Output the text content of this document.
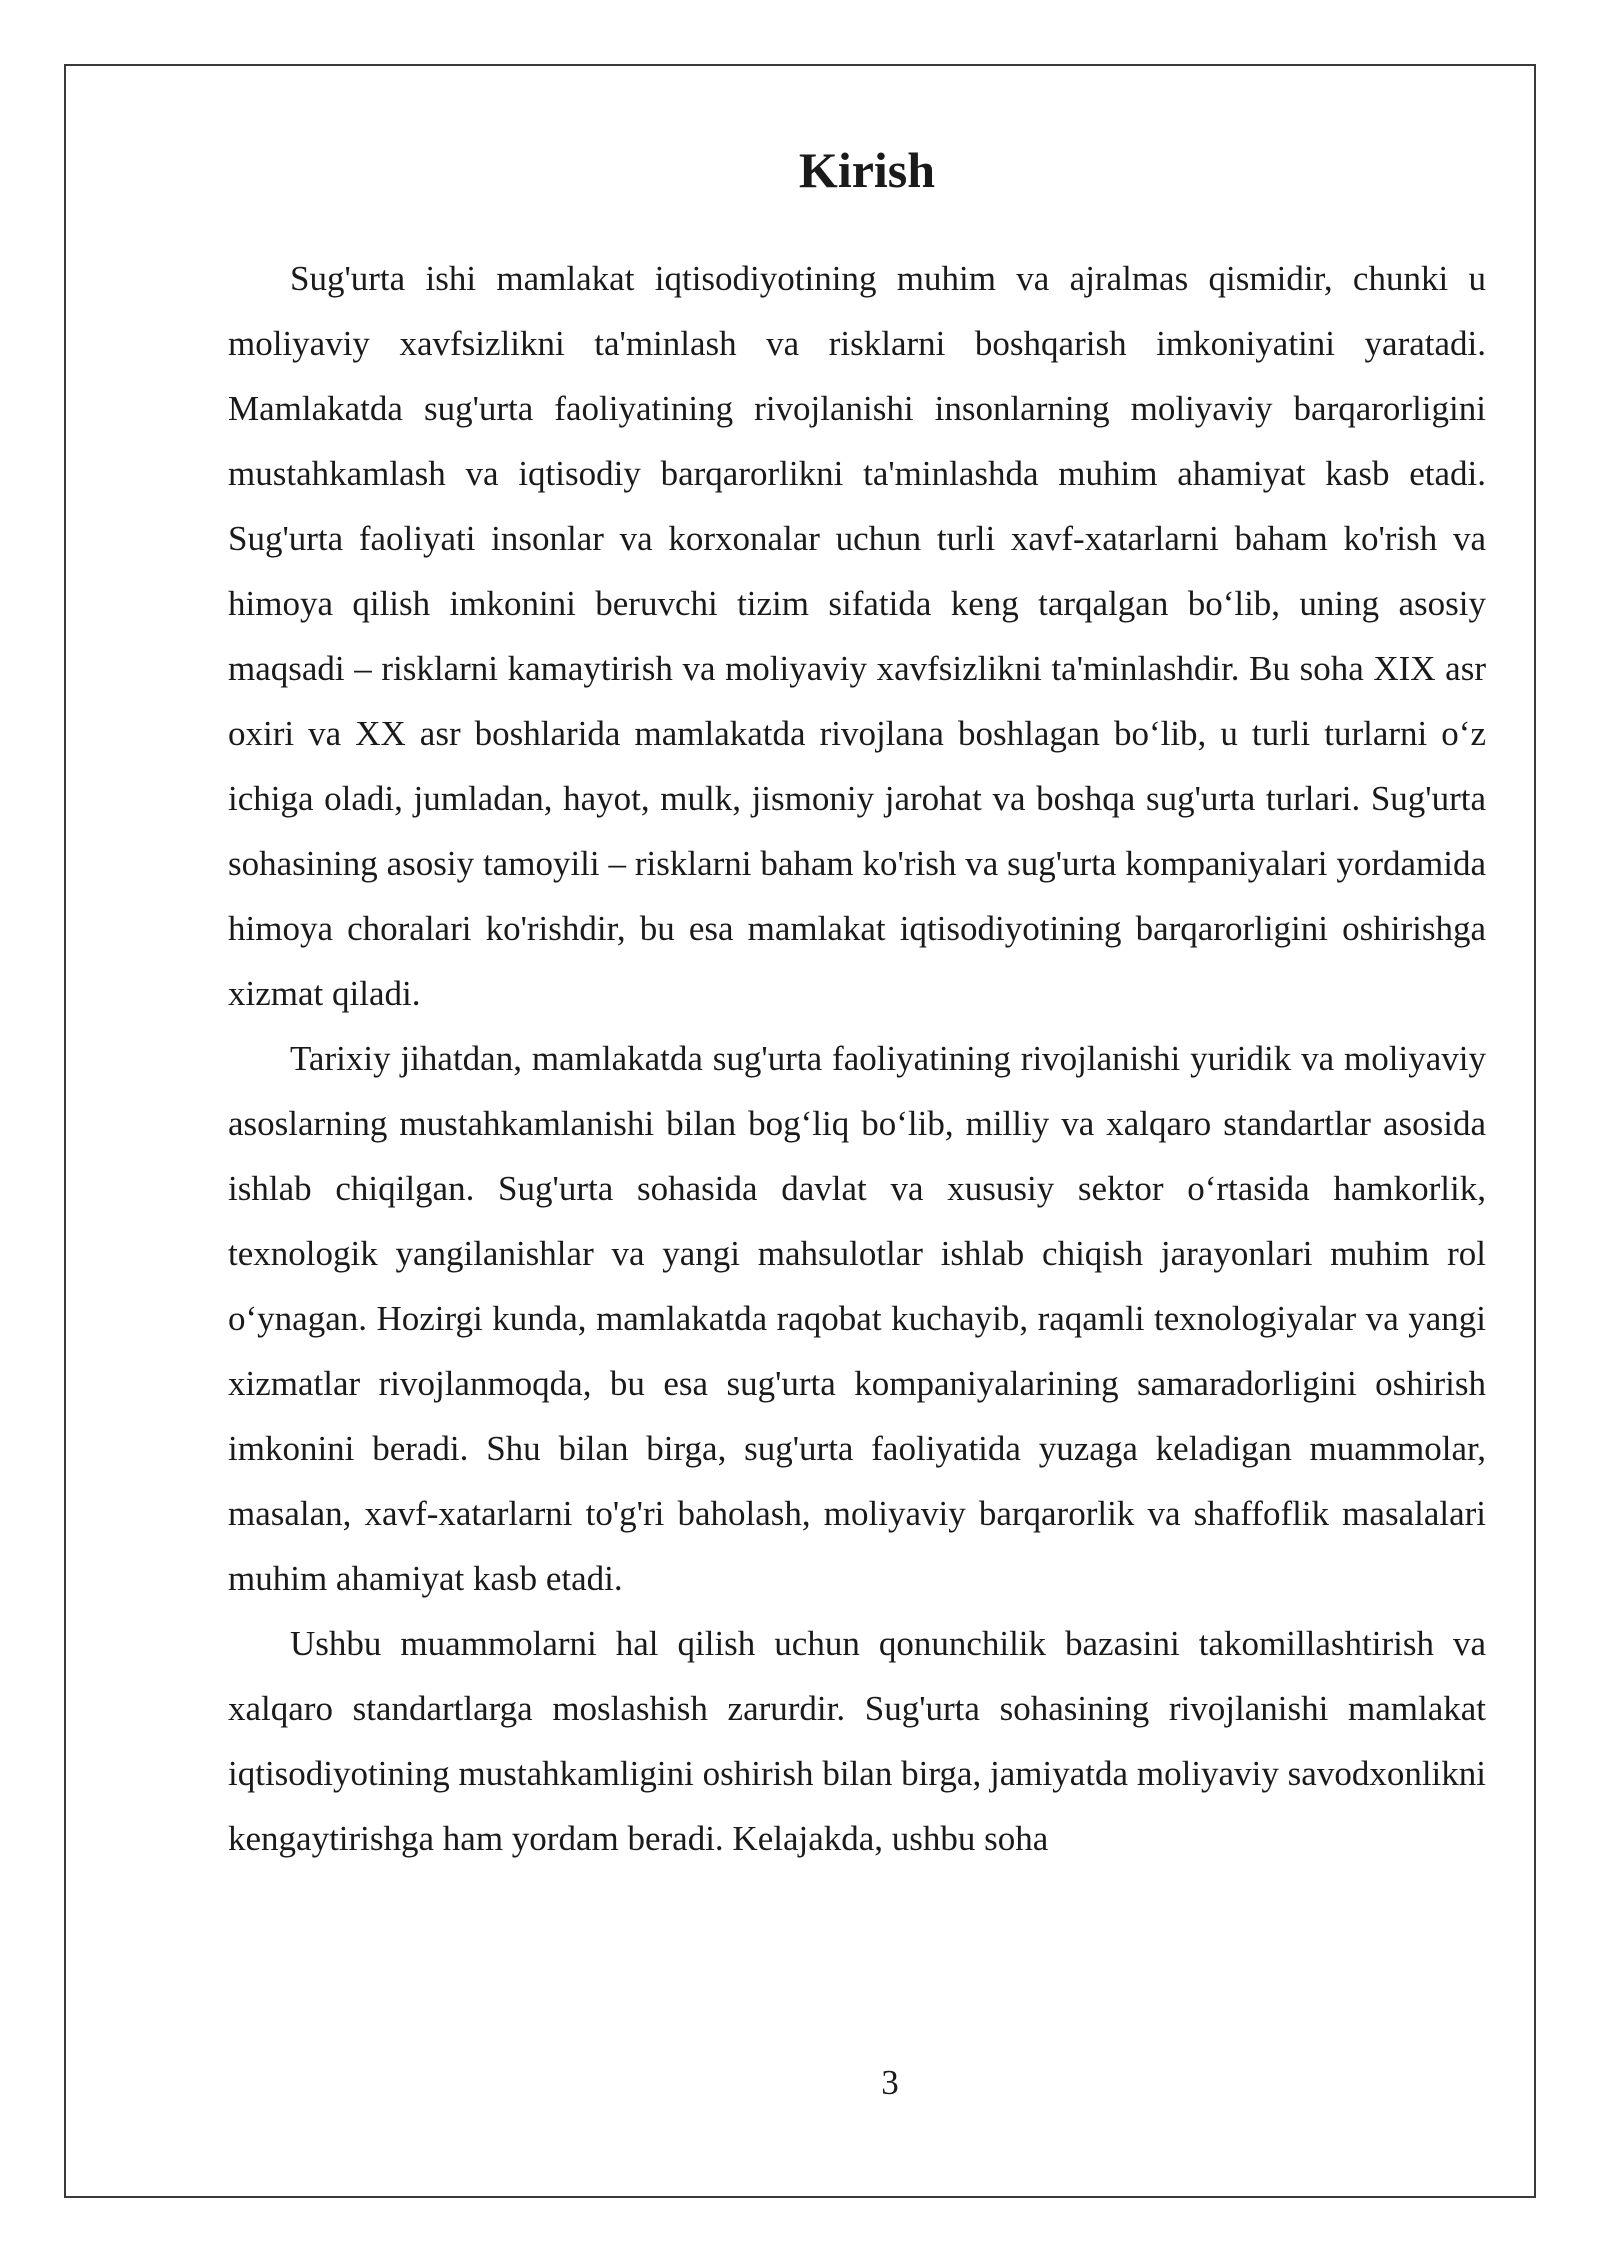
Kirish

Sug'urta ishi mamlakat iqtisodiyotining muhim va ajralmas qismidir, chunki u moliyaviy xavfsizlikni ta'minlash va risklarni boshqarish imkoniyatini yaratadi. Mamlakatda sug'urta faoliyatining rivojlanishi insonlarning moliyaviy barqarorligini mustahkamlash va iqtisodiy barqarorlikni ta'minlashda muhim ahamiyat kasb etadi. Sug'urta faoliyati insonlar va korxonalar uchun turli xavf-xatarlarni baham ko'rish va himoya qilish imkonini beruvchi tizim sifatida keng tarqalgan bo‘lib, uning asosiy maqsadi – risklarni kamaytirish va moliyaviy xavfsizlikni ta'minlashdir. Bu soha XIX asr oxiri va XX asr boshlarida mamlakatda rivojlana boshlagan bo‘lib, u turli turlarni o‘z ichiga oladi, jumladan, hayot, mulk, jismoniy jarohat va boshqa sug'urta turlari. Sug'urta sohasining asosiy tamoyili – risklarni baham ko'rish va sug'urta kompaniyalari yordamida himoya choralari ko'rishdir, bu esa mamlakat iqtisodiyotining barqarorligini oshirishga xizmat qiladi.

Tarixiy jihatdan, mamlakatda sug'urta faoliyatining rivojlanishi yuridik va moliyaviy asoslarning mustahkamlanishi bilan bog‘liq bo‘lib, milliy va xalqaro standartlar asosida ishlab chiqilgan. Sug'urta sohasida davlat va xususiy sektor o‘rtasida hamkorlik, texnologik yangilanishlar va yangi mahsulotlar ishlab chiqish jarayonlari muhim rol o‘ynagan. Hozirgi kunda, mamlakatda raqobat kuchayib, raqamli texnologiyalar va yangi xizmatlar rivojlanmoqda, bu esa sug'urta kompaniyalarining samaradorligini oshirish imkonini beradi. Shu bilan birga, sug'urta faoliyatida yuzaga keladigan muammolar, masalan, xavf-xatarlarni to'g'ri baholash, moliyaviy barqarorlik va shaffoflik masalalari muhim ahamiyat kasb etadi.

Ushbu muammolarni hal qilish uchun qonunchilik bazasini takomillashtirish va xalqaro standartlarga moslashish zarurdir. Sug'urta sohasining rivojlanishi mamlakat iqtisodiyotining mustahkamligini oshirish bilan birga, jamiyatda moliyaviy savodxonlikni kengaytirishga ham yordam beradi. Kelajakda, ushbu soha

3
